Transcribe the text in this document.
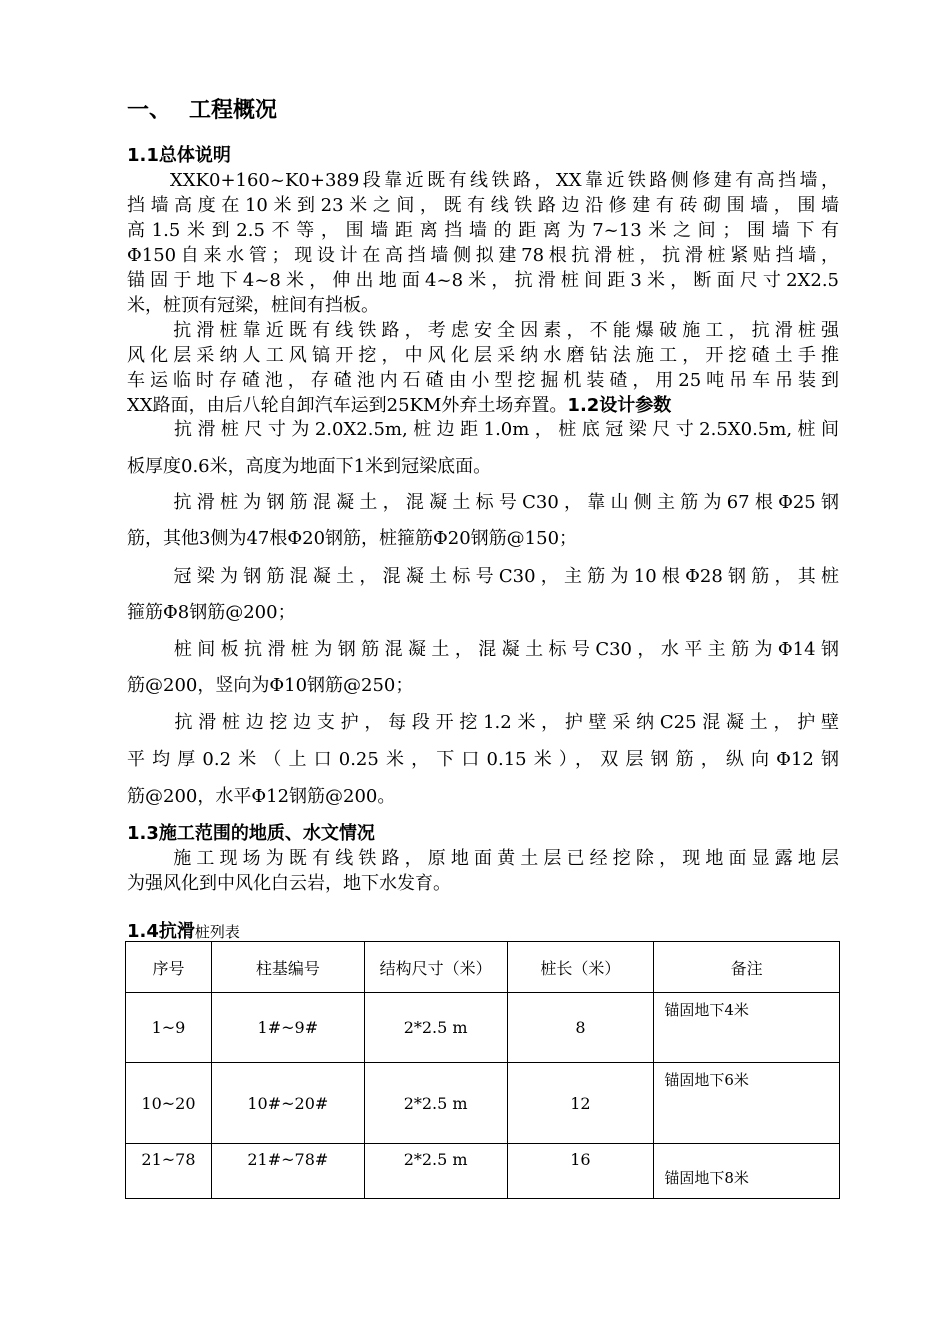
一、 工程概况
1.1总体说明
　　XXK0+160~K0+389段靠近既有线铁路，XX靠近铁路侧修建有高挡墙，
挡墙高度在10米到23米之间，既有线铁路边沿修建有砖砌围墙，围墙
高1.5米到2.5不等，围墙距离挡墙的距离为7~13米之间；围墙下有
Φ150自来水管；现设计在高挡墙侧拟建78根抗滑桩，抗滑桩紧贴挡墙，
锚固于地下4~8米，伸出地面4~8米，抗滑桩间距3米，断面尺寸2X2.5
米，桩顶有冠梁，桩间有挡板。
　　抗滑桩靠近既有线铁路，考虑安全因素，不能爆破施工，抗滑桩强
风化层采纳人工风镐开挖，中风化层采纳水磨钻法施工，开挖碴土手推
车运临时存碴池，存碴池内石碴由小型挖掘机装碴，用25吨吊车吊装到
XX路面，由后八轮自卸汽车运到25KM外弃土场弃置。1.2设计参数
　　抗滑桩尺寸为2.0X2.5m,桩边距1.0m，桩底冠梁尺寸2.5X0.5m,桩间
板厚度0.6米，高度为地面下1米到冠梁底面。
　　抗滑桩为钢筋混凝土，混凝土标号C30，靠山侧主筋为67根Φ25钢
筋，其他3侧为47根Φ20钢筋，桩箍筋Φ20钢筋@150；
　　冠梁为钢筋混凝土，混凝土标号C30，主筋为10根Φ28钢筋，其桩
箍筋Φ8钢筋@200；
　　桩间板抗滑桩为钢筋混凝土，混凝土标号C30，水平主筋为Φ14钢
筋@200，竖向为Φ10钢筋@250；
　　抗滑桩边挖边支护，每段开挖1.2米，护壁采纳C25混凝土，护壁
平均厚0.2米（上口0.25米，下口0.15米），双层钢筋，纵向Φ12钢
筋@200，水平Φ12钢筋@200。
1.3施工范围的地质、水文情况
　　施工现场为既有线铁路，原地面黄土层已经挖除，现地面显露地层
为强风化到中风化白云岩，地下水发育。
1.4抗滑桩列表
序号	柱基编号	结构尺寸（米）	桩长（米）	备注
1~9	1#~9#	2*2.5 m	8	锚固地下4米
10~20	10#~20#	2*2.5 m	12	锚固地下6米
21~78	21#~78#	2*2.5 m	16	锚固地下8米
